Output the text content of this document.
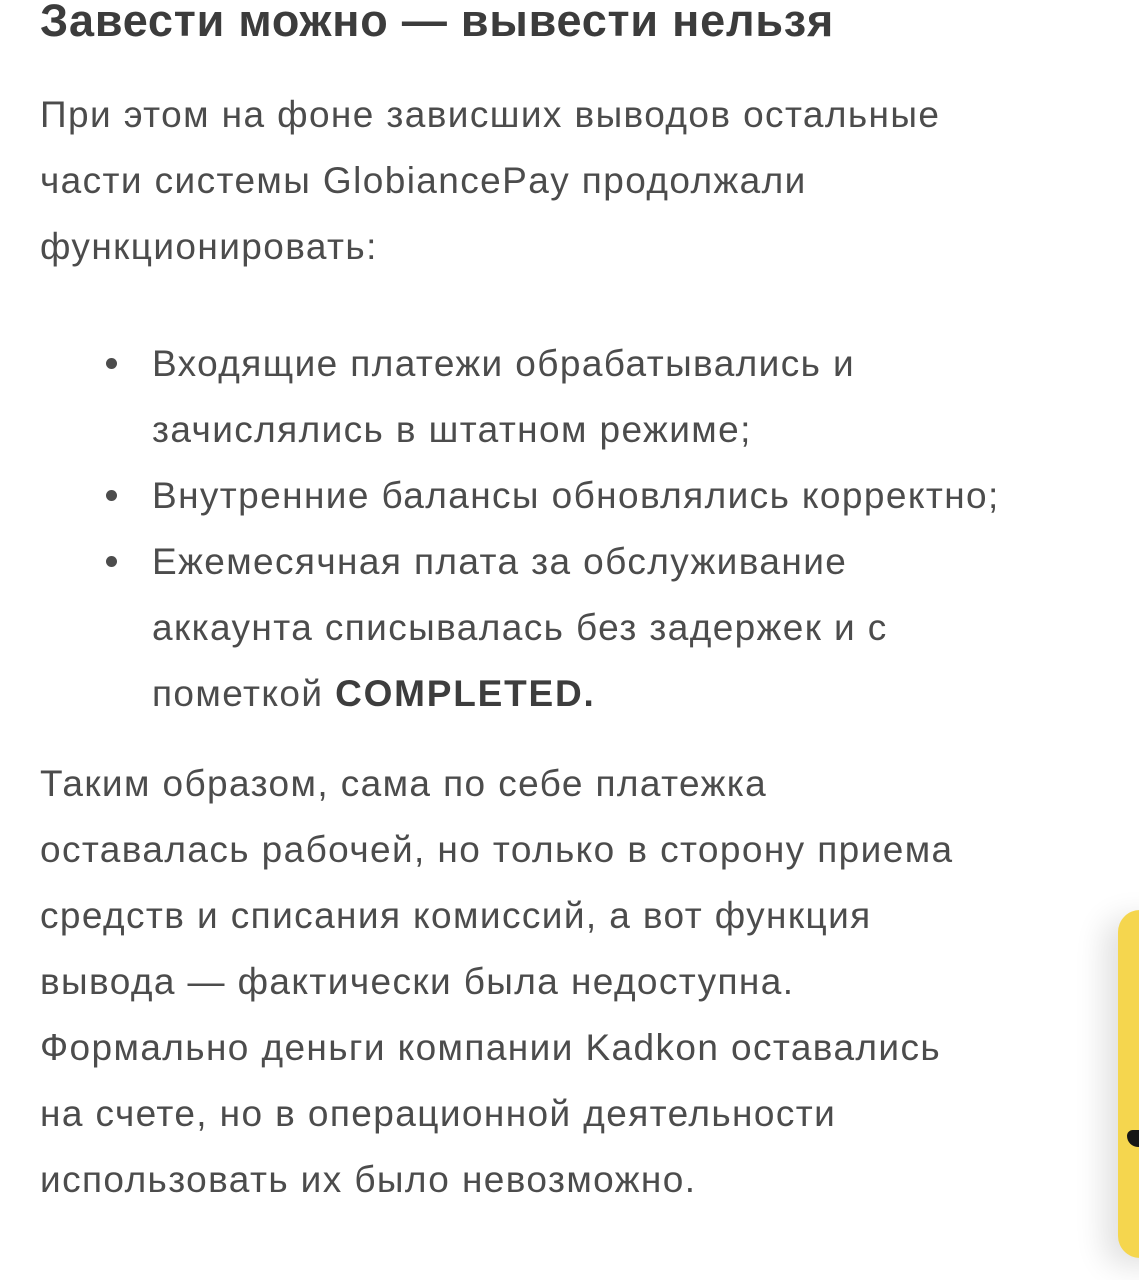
Завести можно — вывести нельзя

При этом на фоне зависших выводов остальные
части системы GlobiancePay продолжали
функционировать:

Входящие платежи обрабатывались и
зачислялись в штатном режиме;
Внутренние балансы обновлялись корректно;
Ежемесячная плата за обслуживание
аккаунта списывалась без задержек и с
пометкой COMPLETED.

Таким образом, сама по себе платежка
оставалась рабочей, но только в сторону приема
средств и списания комиссий, а вот функция
вывода — фактически была недоступна.
Формально деньги компании Kadkon оставались
на счете, но в операционной деятельности
использовать их было невозможно.
